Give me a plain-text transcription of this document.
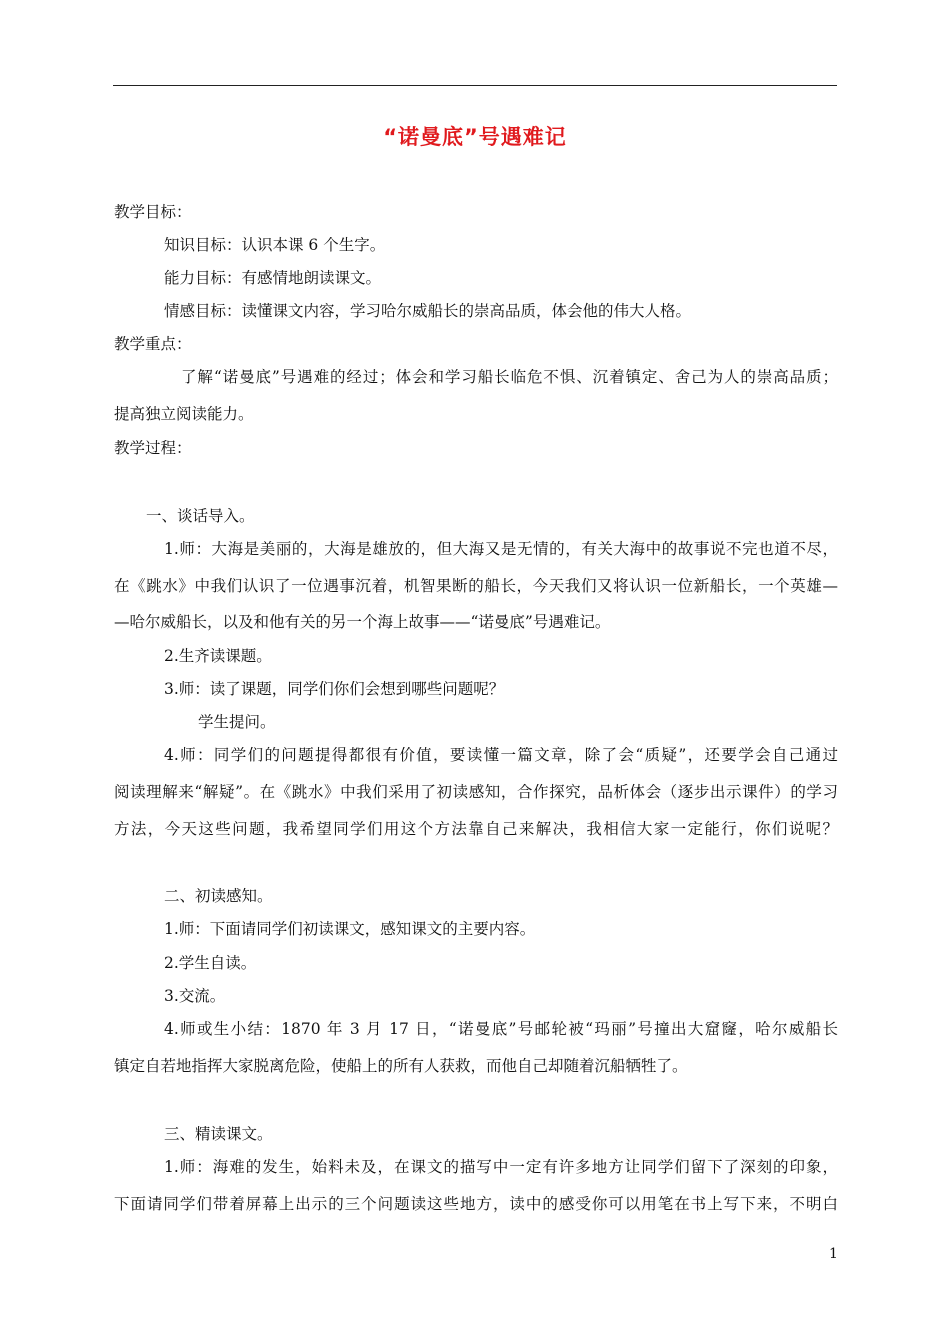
“诺曼底”号遇难记
教学目标：
知识目标：认识本课 6 个生字。
能力目标：有感情地朗读课文。
情感目标：读懂课文内容，学习哈尔威船长的崇高品质，体会他的伟大人格。
教学重点：
了解“诺曼底”号遇难的经过；体会和学习船长临危不惧、沉着镇定、舍己为人的崇高品质；
提高独立阅读能力。
教学过程：
一、谈话导入。
1.师：大海是美丽的，大海是雄放的，但大海又是无情的，有关大海中的故事说不完也道不尽，
在《跳水》中我们认识了一位遇事沉着，机智果断的船长，今天我们又将认识一位新船长，一个英雄—
—哈尔威船长，以及和他有关的另一个海上故事——“诺曼底”号遇难记。
2.生齐读课题。
3.师：读了课题，同学们你们会想到哪些问题呢？
学生提问。
4.师：同学们的问题提得都很有价值，要读懂一篇文章，除了会“质疑”，还要学会自己通过
阅读理解来“解疑”。在《跳水》中我们采用了初读感知，合作探究，品析体会（逐步出示课件）的学习
方法，今天这些问题，我希望同学们用这个方法靠自己来解决，我相信大家一定能行，你们说呢？
二、初读感知。
1.师：下面请同学们初读课文，感知课文的主要内容。
2.学生自读。
3.交流。
4.师或生小结：1870 年 3 月 17 日，“诺曼底”号邮轮被“玛丽”号撞出大窟窿，哈尔威船长
镇定自若地指挥大家脱离危险，使船上的所有人获救，而他自己却随着沉船牺牲了。
三、精读课文。
1.师：海难的发生，始料未及，在课文的描写中一定有许多地方让同学们留下了深刻的印象，
下面请同学们带着屏幕上出示的三个问题读这些地方，读中的感受你可以用笔在书上写下来，不明白
1
